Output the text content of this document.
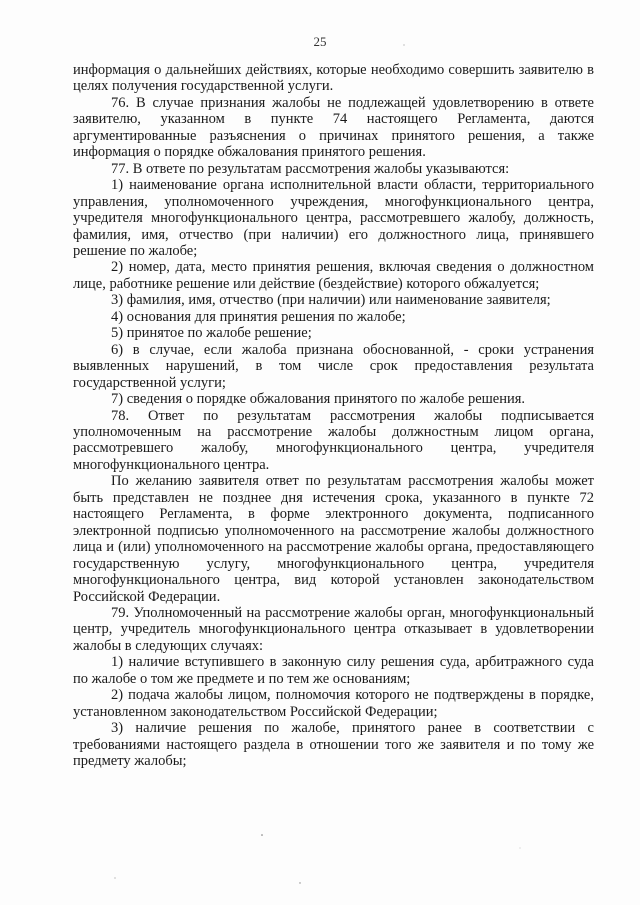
25

информация о дальнейших действиях, которые необходимо совершить заявителю в целях получения государственной услуги.

76. В случае признания жалобы не подлежащей удовлетворению в ответе заявителю, указанном в пункте 74 настоящего Регламента, даются аргументированные разъяснения о причинах принятого решения, а также информация о порядке обжалования принятого решения.

77. В ответе по результатам рассмотрения жалобы указываются:

1) наименование органа исполнительной власти области, территориального управления, уполномоченного учреждения, многофункционального центра, учредителя многофункционального центра, рассмотревшего жалобу, должность, фамилия, имя, отчество (при наличии) его должностного лица, принявшего решение по жалобе;

2) номер, дата, место принятия решения, включая сведения о должностном лице, работнике решение или действие (бездействие) которого обжалуется;

3) фамилия, имя, отчество (при наличии) или наименование заявителя;

4) основания для принятия решения по жалобе;

5) принятое по жалобе решение;

6) в случае, если жалоба признана обоснованной, - сроки устранения выявленных нарушений, в том числе срок предоставления результата государственной услуги;

7) сведения о порядке обжалования принятого по жалобе решения.

78. Ответ по результатам рассмотрения жалобы подписывается уполномоченным на рассмотрение жалобы должностным лицом органа, рассмотревшего жалобу, многофункционального центра, учредителя многофункционального центра.

По желанию заявителя ответ по результатам рассмотрения жалобы может быть представлен не позднее дня истечения срока, указанного в пункте 72 настоящего Регламента, в форме электронного документа, подписанного электронной подписью уполномоченного на рассмотрение жалобы должностного лица и (или) уполномоченного на рассмотрение жалобы органа, предоставляющего государственную услугу, многофункционального центра, учредителя многофункционального центра, вид которой установлен законодательством Российской Федерации.

79. Уполномоченный на рассмотрение жалобы орган, многофункциональный центр, учредитель многофункционального центра отказывает в удовлетворении жалобы в следующих случаях:

1) наличие вступившего в законную силу решения суда, арбитражного суда по жалобе о том же предмете и по тем же основаниям;

2) подача жалобы лицом, полномочия которого не подтверждены в порядке, установленном законодательством Российской Федерации;

3) наличие решения по жалобе, принятого ранее в соответствии с требованиями настоящего раздела в отношении того же заявителя и по тому же предмету жалобы;
